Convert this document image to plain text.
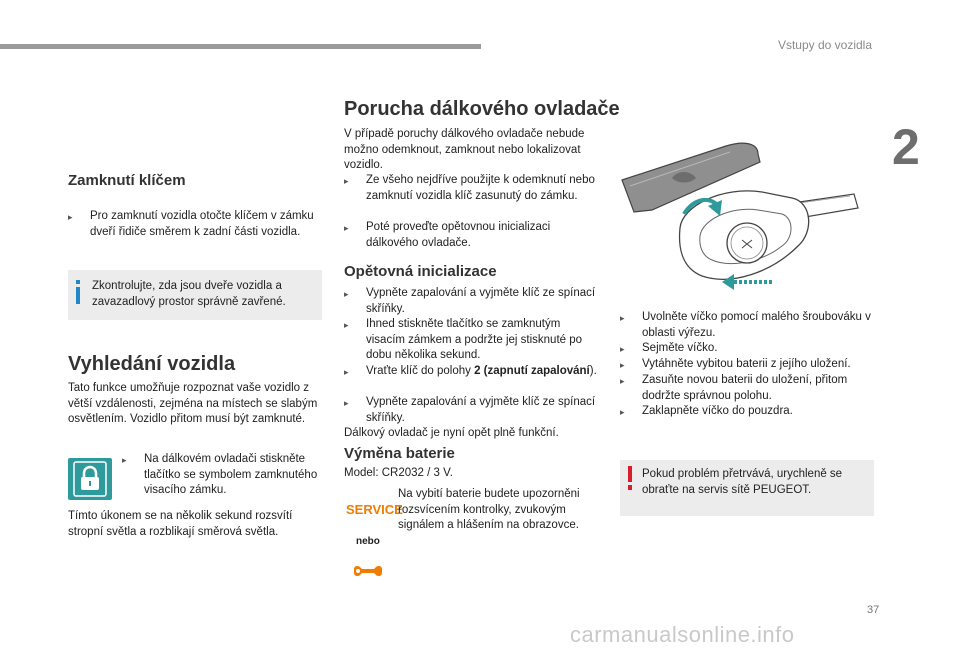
Vstupy do vozidla
2
37
carmanualsonline.info
Zamknutí klíčem
▸	Pro zamknutí vozidla otočte klíčem v zámku dveří řidiče směrem k zadní části vozidla.
Zkontrolujte, zda jsou dveře vozidla a zavazadlový prostor správně zavřené.
Vyhledání vozidla
Tato funkce umožňuje rozpoznat vaše vozidlo z větší vzdálenosti, zejména na místech se slabým osvětlením. Vozidlo přitom musí být zamknuté.
▸	Na dálkovém ovladači stiskněte tlačítko se symbolem zamknutého visacího zámku.
Tímto úkonem se na několik sekund rozsvítí stropní světla a rozblikají směrová světla.
Porucha dálkového ovladače
V případě poruchy dálkového ovladače nebude možno odemknout, zamknout nebo lokalizovat vozidlo.
▸	Ze všeho nejdříve použijte k odemknutí nebo zamknutí vozidla klíč zasunutý do zámku.
▸	Poté proveďte opětovnou inicializaci dálkového ovladače.
Opětovná inicializace
▸	Vypněte zapalování a vyjměte klíč ze spínací skříňky.
▸	Ihned stiskněte tlačítko se zamknutým visacím zámkem a podržte jej stisknuté po dobu několika sekund.
▸	Vraťte klíč do polohy 2 (zapnutí zapalování).
▸	Vypněte zapalování a vyjměte klíč ze spínací skříňky.
Dálkový ovladač je nyní opět plně funkční.
Výměna baterie
Model: CR2032 / 3 V.
SERVICE
nebo
Na vybití baterie budete upozorněni rozsvícením kontrolky, zvukovým signálem a hlášením na obrazovce.
▸	Uvolněte víčko pomocí malého šroubováku v oblasti výřezu.
▸	Sejměte víčko.
▸	Vytáhněte vybitou baterii z jejího uložení.
▸	Zasuňte novou baterii do uložení, přitom dodržte správnou polohu.
▸	Zaklapněte víčko do pouzdra.
Pokud problém přetrvává, urychleně se obraťte na servis sítě PEUGEOT.
